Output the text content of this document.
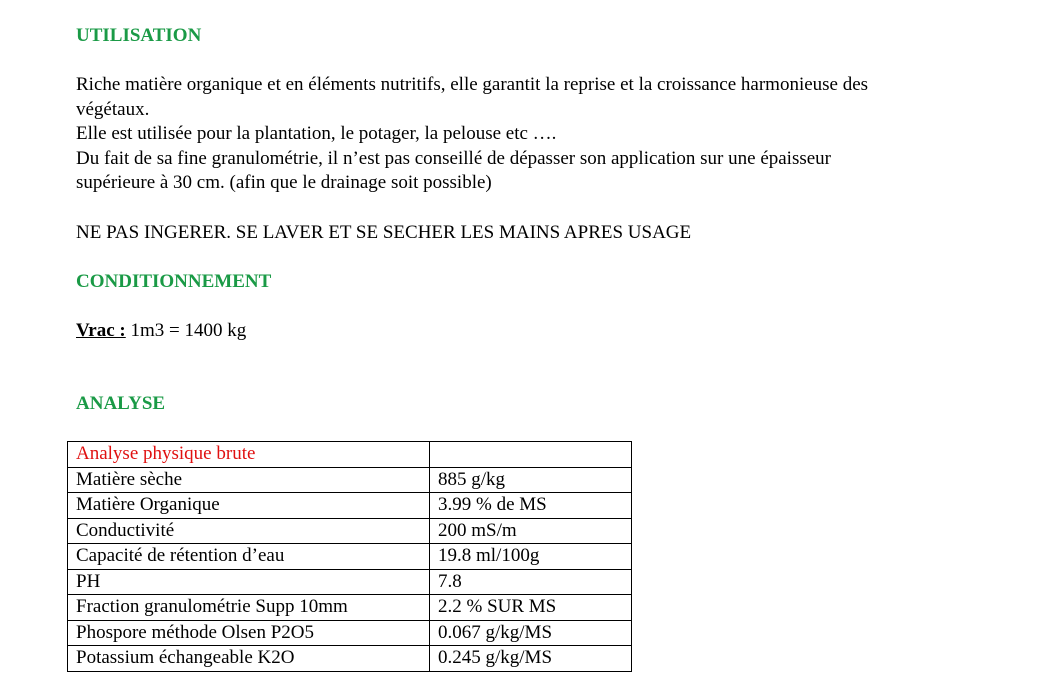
UTILISATION
Riche matière organique et en éléments nutritifs, elle garantit la reprise et la croissance harmonieuse des
végétaux.
Elle est utilisée pour la plantation, le potager, la pelouse etc ….
Du fait de sa fine granulométrie, il n’est pas conseillé de dépasser son application sur une épaisseur
supérieure à 30 cm. (afin que le drainage soit possible)
NE PAS INGERER. SE LAVER ET SE SECHER LES MAINS APRES USAGE
CONDITIONNEMENT
Vrac : 1m3 = 1400 kg
ANALYSE
Analyse physique brute	
Matière sèche	885 g/kg
Matière Organique	3.99 % de MS
Conductivité	200 mS/m
Capacité de rétention d’eau	19.8 ml/100g
PH	7.8
Fraction granulométrie Supp 10mm	2.2 % SUR MS
Phospore méthode Olsen P2O5	0.067 g/kg/MS
Potassium échangeable K2O	0.245 g/kg/MS
